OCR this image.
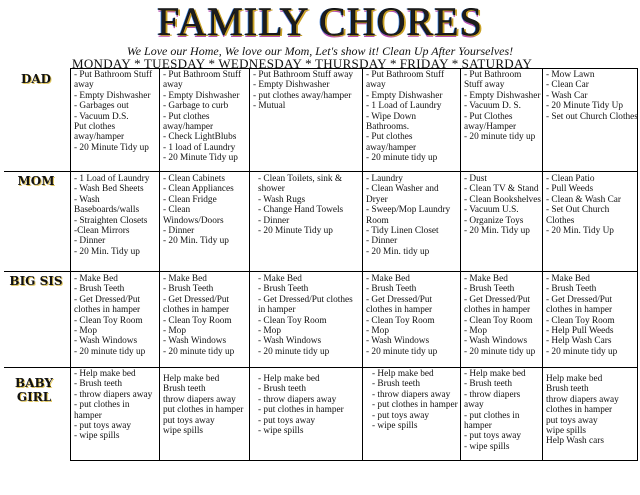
FAMILY CHORES
We Love our Home, We love our Mom, Let's show it! Clean Up After Yourselves!
MONDAY * TUESDAY * WEDNESDAY * THURSDAY * FRIDAY * SATURDAY
DAD
MOM
BIG SIS
BABY GIRL
- Put Bathroom Stuff away
- Empty Dishwasher
- Garbages out
- Vacuum D.S.
Put clothes away/hamper
- 20 Minute Tidy up
- Put Bathroom Stuff away
- Empty Dishwasher
- Garbage to curb
- Put clothes away/hamper
- Check LightBlubs
- 1 load of Laundry
- 20 Minute Tidy up
- Put Bathroom Stuff away
- Empty Dishwasher
- put clothes away/hamper
- Mutual
- Put Bathroom Stuff away
- Empty Dishwasher
- 1 Load of Laundry
- Wipe Down Bathrooms.
- Put clothes away/hamper
- 20 minute tidy up
- Put Bathroom Stuff away
- Empty Dishwasher
- Vacuum D. S.
- Put Clothes away/Hamper
- 20 minute tidy up
- Mow Lawn
- Clean Car
- Wash Car
- 20 Minute Tidy Up
- Set out Church Clothes
- 1 Load of Laundry
- Wash Bed Sheets
- Wash Baseboards/walls
- Straighten Closets
-Clean Mirrors
- Dinner
- 20 Min. Tidy up
- Clean Cabinets
- Clean Appliances
- Clean Fridge
- Clean Windows/Doors
- Dinner
- 20 Min. Tidy up
- Clean Toilets, sink & shower
- Wash Rugs
- Change Hand Towels
- Dinner
- 20 Minute Tidy up
- Laundry
- Clean Washer and Dryer
- Sweep/Mop Laundry Room
- Tidy Linen Closet
- Dinner
- 20 Min. tidy up
- Dust
- Clean TV & Stand
- Clean Bookshelves
- Vacuum U.S.
- Organize Toys
- 20 Min. Tidy up
- Clean Patio
- Pull Weeds
- Clean & Wash Car
- Set Out Church Clothes
- 20 Min. Tidy Up
- Make Bed
- Brush Teeth
- Get Dressed/Put clothes in hamper
- Clean Toy Room
- Mop
- Wash Windows
- 20 minute tidy up
- Make Bed
- Brush Teeth
- Get Dressed/Put clothes in hamper
- Clean Toy Room
- Mop
- Wash Windows
- 20 minute tidy up
- Make Bed
- Brush Teeth
- Get Dressed/Put clothes in hamper
- Clean Toy Room
- Mop
- Wash Windows
- 20 minute tidy up
- Make Bed
- Brush Teeth
- Get Dressed/Put clothes in hamper
- Clean Toy Room
- Mop
- Wash Windows
- 20 minute tidy up
- Make Bed
- Brush Teeth
- Get Dressed/Put clothes in hamper
- Clean Toy Room
- Mop
- Wash Windows
- 20 minute tidy up
- Make Bed
- Brush Teeth
- Get Dressed/Put clothes in hamper
- Clean Toy Room
- Help Pull Weeds
- Help Wash Cars
- 20 minute tidy up
- Help make bed
- Brush teeth
- throw diapers away
- put clothes in hamper
- put toys away
- wipe spills
Help make bed
Brush teeth
throw diapers away
put clothes in hamper
put toys away
wipe spills
- Help make bed
- Brush teeth
- throw diapers away
- put clothes in hamper
- put toys away
- wipe spills
- Help make bed
- Brush teeth
- throw diapers away
- put clothes in hamper
- put toys away
- wipe spills
- Help make bed
- Brush teeth
- throw diapers away
- put clothes in hamper
- put toys away
- wipe spills
Help make bed
Brush teeth
throw diapers away
clothes in hamper
put toys away
wipe spills
Help Wash cars
